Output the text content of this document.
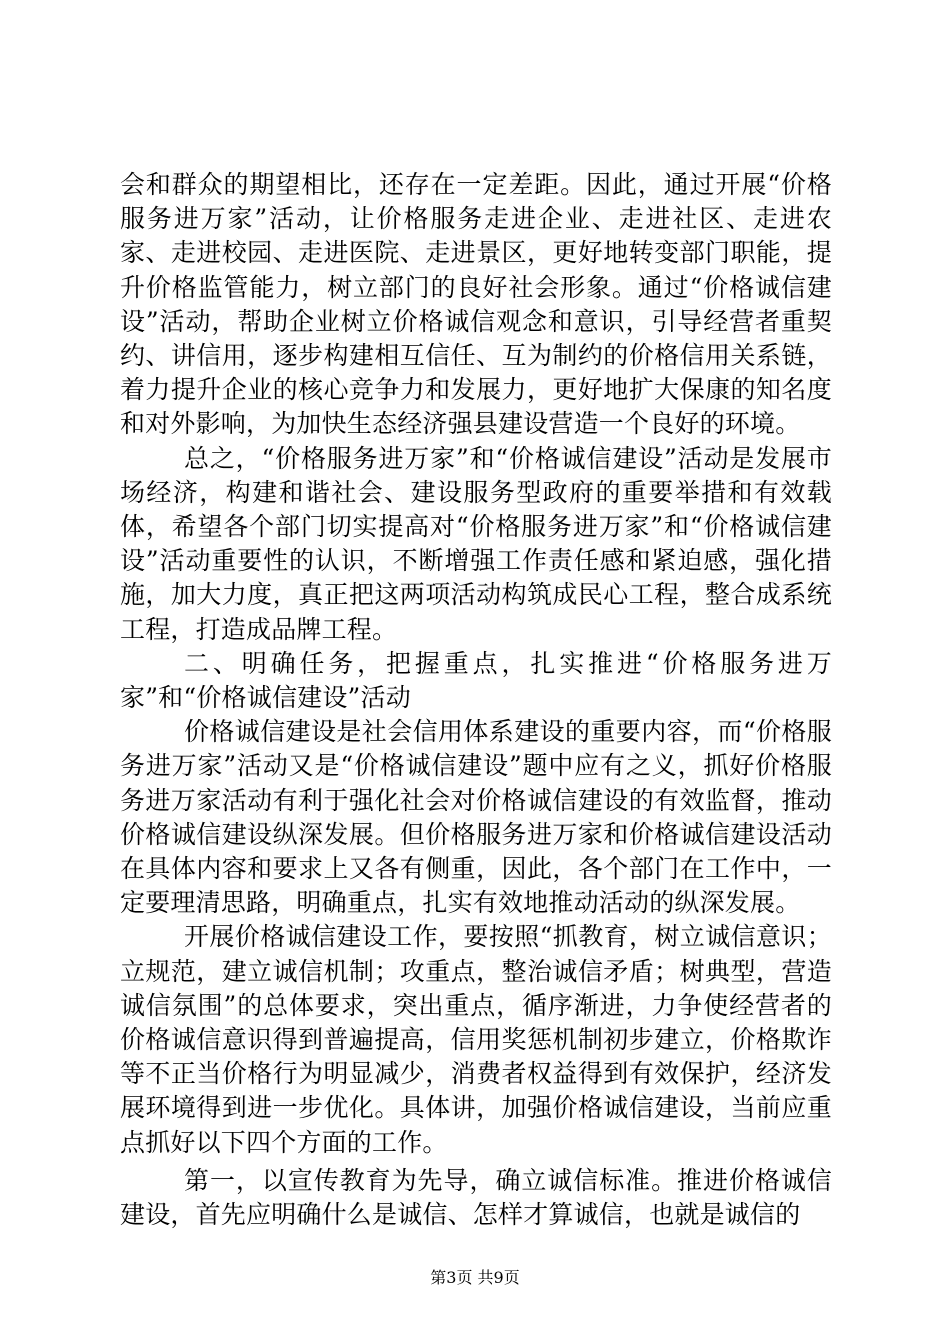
会和群众的期望相比，还存在一定差距。因此，通过开展“价格服务进万家”活动，让价格服务走进企业、走进社区、走进农家、走进校园、走进医院、走进景区，更好地转变部门职能，提升价格监管能力，树立部门的良好社会形象。通过“价格诚信建设”活动，帮助企业树立价格诚信观念和意识，引导经营者重契约、讲信用，逐步构建相互信任、互为制约的价格信用关系链，着力提升企业的核心竞争力和发展力，更好地扩大保康的知名度和对外影响，为加快生态经济强县建设营造一个良好的环境。

总之，“价格服务进万家”和“价格诚信建设”活动是发展市场经济，构建和谐社会、建设服务型政府的重要举措和有效载体，希望各个部门切实提高对“价格服务进万家”和“价格诚信建设”活动重要性的认识，不断增强工作责任感和紧迫感，强化措施，加大力度，真正把这两项活动构筑成民心工程，整合成系统工程，打造成品牌工程。

二、明确任务，把握重点，扎实推进“价格服务进万家”和“价格诚信建设”活动

价格诚信建设是社会信用体系建设的重要内容，而“价格服务进万家”活动又是“价格诚信建设”题中应有之义，抓好价格服务进万家活动有利于强化社会对价格诚信建设的有效监督，推动价格诚信建设纵深发展。但价格服务进万家和价格诚信建设活动在具体内容和要求上又各有侧重，因此，各个部门在工作中，一定要理清思路，明确重点，扎实有效地推动活动的纵深发展。

开展价格诚信建设工作，要按照“抓教育，树立诚信意识；立规范，建立诚信机制；攻重点，整治诚信矛盾；树典型，营造诚信氛围”的总体要求，突出重点，循序渐进，力争使经营者的价格诚信意识得到普遍提高，信用奖惩机制初步建立，价格欺诈等不正当价格行为明显减少，消费者权益得到有效保护，经济发展环境得到进一步优化。具体讲，加强价格诚信建设，当前应重点抓好以下四个方面的工作。

第一，以宣传教育为先导，确立诚信标准。推进价格诚信建设，首先应明确什么是诚信、怎样才算诚信，也就是诚信的

第3页 共9页
